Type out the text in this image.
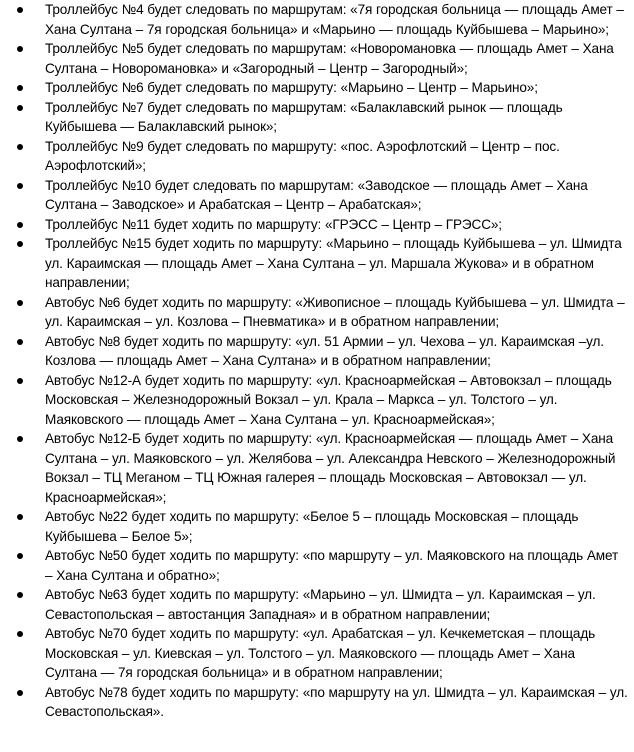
Троллейбус №4 будет следовать по маршрутам: «7я городская больница — площадь Амет – Хана Султана – 7я городская больница» и «Марьино — площадь Куйбышева – Марьино»;
Троллейбус №5 будет следовать по маршрутам: «Новоромановка — площадь Амет – Хана Султана – Новоромановка» и «Загородный – Центр – Загородный»;
Троллейбус №6 будет следовать по маршруту: «Марьино – Центр – Марьино»;
Троллейбус №7 будет следовать по маршрутам: «Балаклавский рынок — площадь Куйбышева — Балаклавский рынок»;
Троллейбус №9 будет следовать по маршруту: «пос. Аэрофлотский – Центр – пос. Аэрофлотский»;
Троллейбус №10 будет следовать по маршрутам: «Заводское — площадь Амет – Хана Султана – Заводское» и Арабатская – Центр – Арабатская»;
Троллейбус №11 будет ходить по маршруту: «ГРЭСС – Центр – ГРЭСС»;
Троллейбус №15 будет ходить по маршруту: «Марьино – площадь Куйбышева – ул. Шмидта ул. Караимская — площадь Амет – Хана Султана – ул. Маршала Жукова» и в обратном направлении;
Автобус №6 будет ходить по маршруту: «Живописное – площадь Куйбышева – ул. Шмидта – ул. Караимская – ул. Козлова – Пневматика» и в обратном направлении;
Автобус №8 будет ходить по маршруту: «ул. 51 Армии – ул. Чехова – ул. Караимская –ул. Козлова — площадь Амет – Хана Султана» и в обратном направлении;
Автобус №12-А будет ходить по маршруту: «ул. Красноармейская – Автовокзал – площадь Московская – Железнодорожный Вокзал – ул. Крала – Маркса – ул. Толстого – ул. Маяковского — площадь Амет – Хана Султана – ул. Красноармейская»;
Автобус №12-Б будет ходить по маршруту: «ул. Красноармейская — площадь Амет – Хана Султана – ул. Маяковского – ул. Желябова – ул. Александра Невского – Железнодорожный Вокзал – ТЦ Меганом – ТЦ Южная галерея – площадь Московская – Автовокзал — ул. Красноармейская»;
Автобус №22 будет ходить по маршруту: «Белое 5 – площадь Московская – площадь Куйбышева – Белое 5»;
Автобус №50 будет ходить по маршруту: «по маршруту – ул. Маяковского на площадь Амет – Хана Султана и обратно»;
Автобус №63 будет ходить по маршруту: «Марьино – ул. Шмидта – ул. Караимская – ул. Севастопольская – автостанция Западная» и в обратном направлении;
Автобус №70 будет ходить по маршруту: «ул. Арабатская – ул. Кечкеметская – площадь Московская – ул. Киевская – ул. Толстого – ул. Маяковского — площадь Амет – Хана Султана — 7я городская больница» и в обратном направлении;
Автобус №78 будет ходить по маршруту: «по маршруту на ул. Шмидта – ул. Караимская – ул. Севастопольская».
